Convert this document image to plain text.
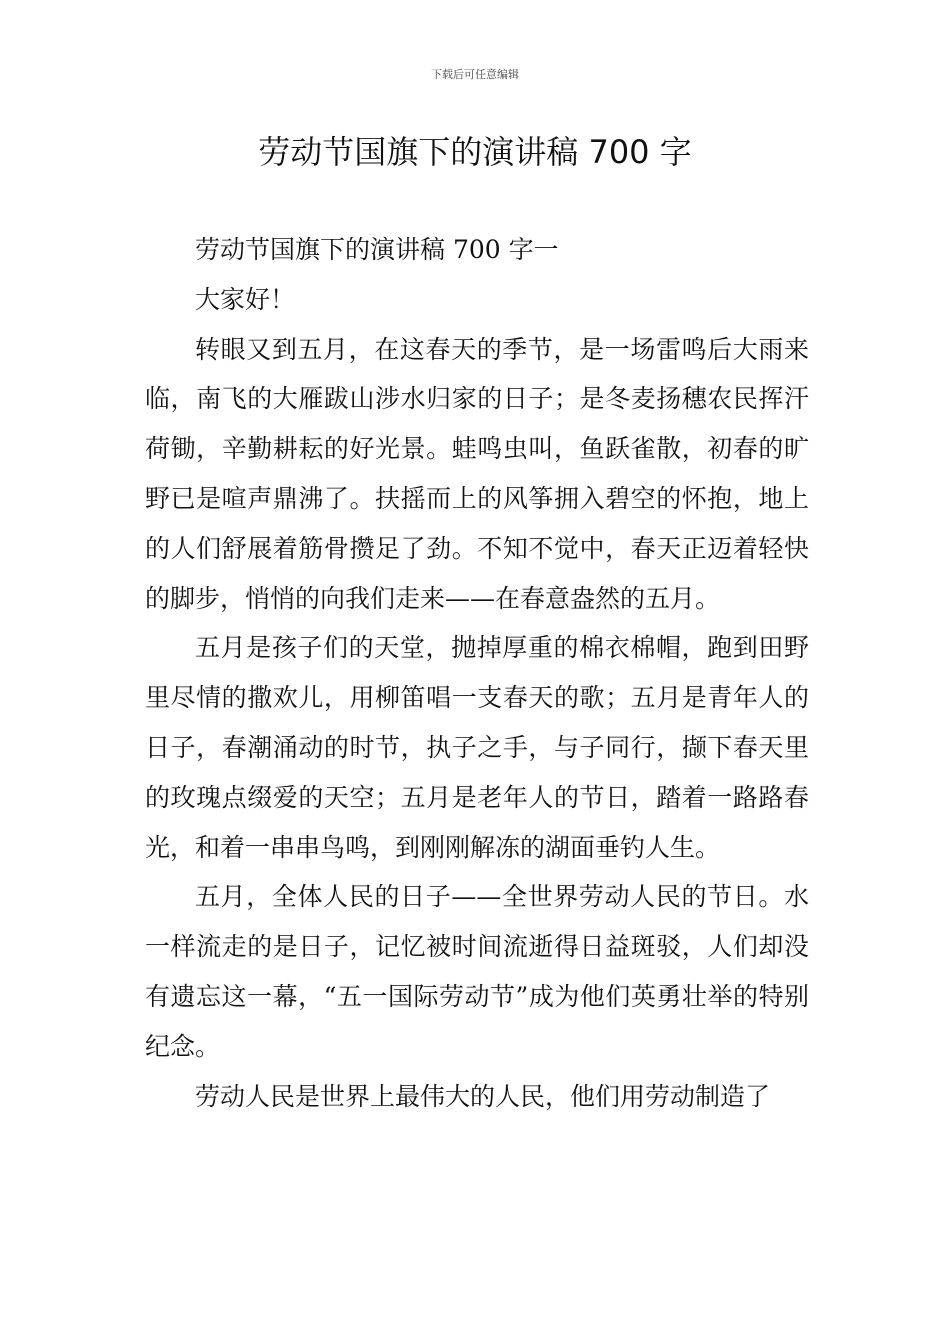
下载后可任意编辑
劳动节国旗下的演讲稿 700 字

劳动节国旗下的演讲稿 700 字一

大家好！

转眼又到五月，在这春天的季节，是一场雷鸣后大雨来临，南飞的大雁跋山涉水归家的日子；是冬麦扬穗农民挥汗荷锄，辛勤耕耘的好光景。蛙鸣虫叫，鱼跃雀散，初春的旷野已是喧声鼎沸了。扶摇而上的风筝拥入碧空的怀抱，地上的人们舒展着筋骨攒足了劲。不知不觉中，春天正迈着轻快的脚步，悄悄的向我们走来——在春意盎然的五月。

五月是孩子们的天堂，抛掉厚重的棉衣棉帽，跑到田野里尽情的撒欢儿，用柳笛唱一支春天的歌；五月是青年人的日子，春潮涌动的时节，执子之手，与子同行，撷下春天里的玫瑰点缀爱的天空；五月是老年人的节日，踏着一路路春光，和着一串串鸟鸣，到刚刚解冻的湖面垂钓人生。

五月，全体人民的日子——全世界劳动人民的节日。水一样流走的是日子，记忆被时间流逝得日益斑驳，人们却没有遗忘这一幕，“五一国际劳动节”成为他们英勇壮举的特别纪念。

劳动人民是世界上最伟大的人民，他们用劳动制造了
